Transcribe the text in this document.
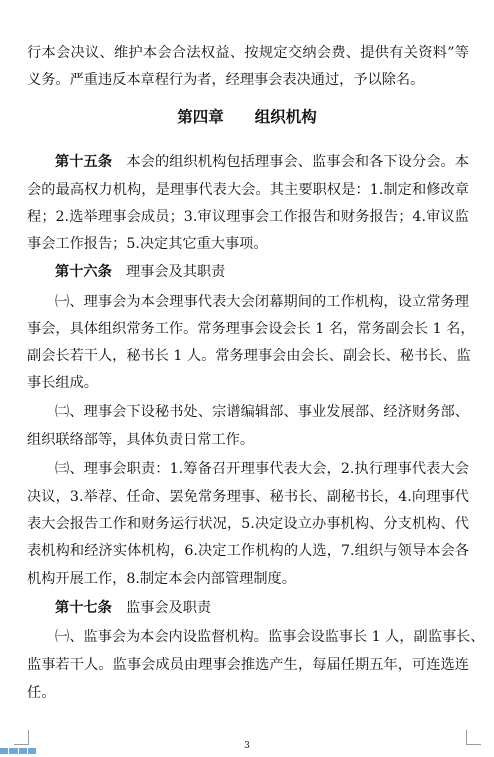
行本会决议、维护本会合法权益、按规定交纳会费、提供有关资料”等
义务。严重违反本章程行为者，经理事会表决通过，予以除名。
第四章　　组织机构
第十五条　 本会的组织机构包括理事会、监事会和各下设分会。本
会的最高权力机构，是理事代表大会。其主要职权是：1.制定和修改章
程；2.选举理事会成员；3.审议理事会工作报告和财务报告；4.审议监
事会工作报告；5.决定其它重大事项。
第十六条　 理事会及其职责
㈠、理事会为本会理事代表大会闭幕期间的工作机构，设立常务理
事会，具体组织常务工作。常务理事会设会长 1 名，常务副会长 1 名，
副会长若干人，秘书长 1 人。常务理事会由会长、副会长、秘书长、监
事长组成。
㈡、理事会下设秘书处、宗谱编辑部、事业发展部、经济财务部、
组织联络部等，具体负责日常工作。
㈢、理事会职责：1.筹备召开理事代表大会，2.执行理事代表大会
决议，3.举荐、任命、罢免常务理事、秘书长、副秘书长，4.向理事代
表大会报告工作和财务运行状况，5.决定设立办事机构、分支机构、代
表机构和经济实体机构，6.决定工作机构的人选，7.组织与领导本会各
机构开展工作，8.制定本会内部管理制度。
第十七条　 监事会及职责
㈠、监事会为本会内设监督机构。监事会设监事长 1 人，副监事长、
监事若干人。监事会成员由理事会推选产生，每届任期五年，可连选连
任。
3
